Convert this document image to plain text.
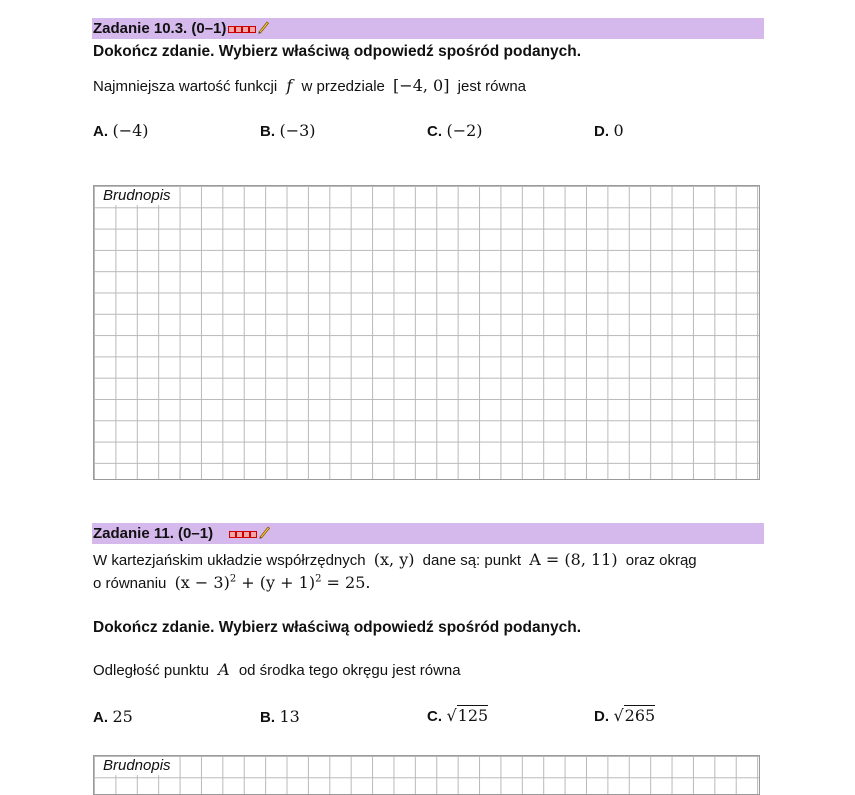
Zadanie 10.3. (0–1)
Dokończ zdanie. Wybierz właściwą odpowiedź spośród podanych.
Najmniejsza wartość funkcji f w przedziale [−4, 0] jest równa
A. (−4)	B. (−3)	C. (−2)	D. 0
Brudnopis
Zadanie 11. (0–1)
W kartezjańskim układzie współrzędnych (x, y) dane są: punkt A = (8, 11) oraz okrąg
o równaniu $(x - 3)^2 + (y + 1)^2 = 25$.
Dokończ zdanie. Wybierz właściwą odpowiedź spośród podanych.
Odległość punktu A od środka tego okręgu jest równa
A. 25	B. 13	C. √125	D. √265
Brudnopis
